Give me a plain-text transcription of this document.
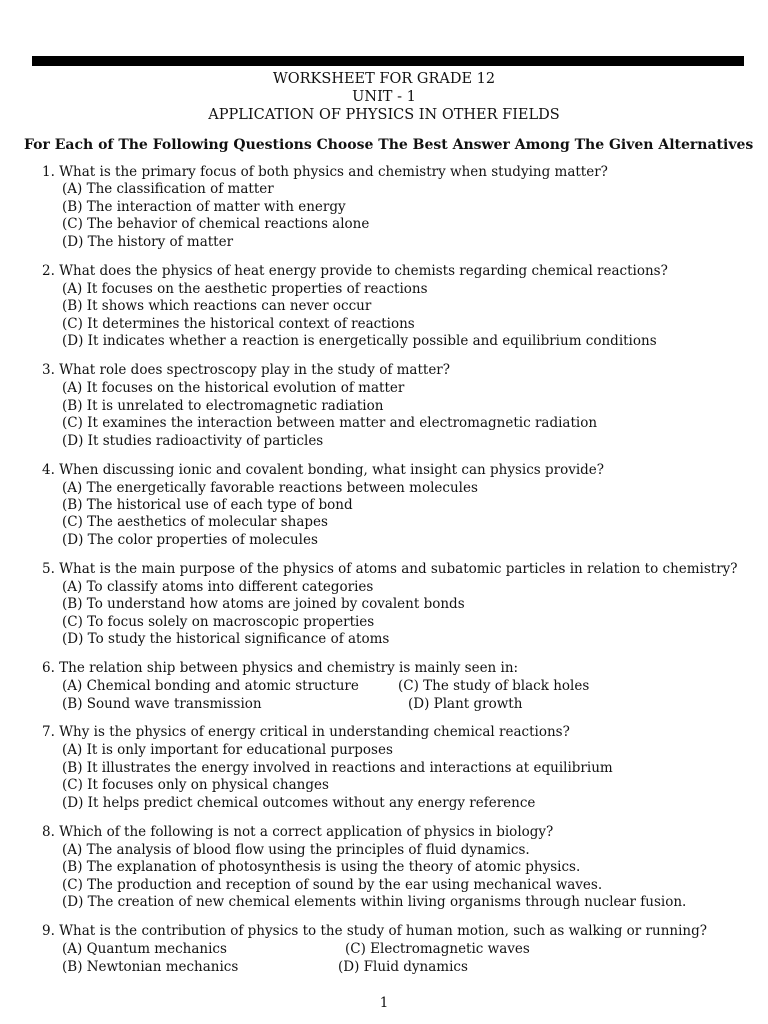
WORKSHEET FOR GRADE 12
UNIT - 1
APPLICATION OF PHYSICS IN OTHER FIELDS
For Each of The Following Questions Choose The Best Answer Among The Given Alternatives
1. What is the primary focus of both physics and chemistry when studying matter?
(A) The classification of matter
(B) The interaction of matter with energy
(C) The behavior of chemical reactions alone
(D) The history of matter
2. What does the physics of heat energy provide to chemists regarding chemical reactions?
(A) It focuses on the aesthetic properties of reactions
(B) It shows which reactions can never occur
(C) It determines the historical context of reactions
(D) It indicates whether a reaction is energetically possible and equilibrium conditions
3. What role does spectroscopy play in the study of matter?
(A) It focuses on the historical evolution of matter
(B) It is unrelated to electromagnetic radiation
(C) It examines the interaction between matter and electromagnetic radiation
(D) It studies radioactivity of particles
4. When discussing ionic and covalent bonding, what insight can physics provide?
(A) The energetically favorable reactions between molecules
(B) The historical use of each type of bond
(C) The aesthetics of molecular shapes
(D) The color properties of molecules
5. What is the main purpose of the physics of atoms and subatomic particles in relation to chemistry?
(A) To classify atoms into different categories
(B) To understand how atoms are joined by covalent bonds
(C) To focus solely on macroscopic properties
(D) To study the historical significance of atoms
6. The relation ship between physics and chemistry is mainly seen in:
(A) Chemical bonding and atomic structure	(C) The study of black holes
(B) Sound wave transmission	(D) Plant growth
7. Why is the physics of energy critical in understanding chemical reactions?
(A) It is only important for educational purposes
(B) It illustrates the energy involved in reactions and interactions at equilibrium
(C) It focuses only on physical changes
(D) It helps predict chemical outcomes without any energy reference
8. Which of the following is not a correct application of physics in biology?
(A) The analysis of blood flow using the principles of fluid dynamics.
(B) The explanation of photosynthesis is using the theory of atomic physics.
(C) The production and reception of sound by the ear using mechanical waves.
(D) The creation of new chemical elements within living organisms through nuclear fusion.
9. What is the contribution of physics to the study of human motion, such as walking or running?
(A) Quantum mechanics	(C) Electromagnetic waves
(B) Newtonian mechanics	(D) Fluid dynamics
1
